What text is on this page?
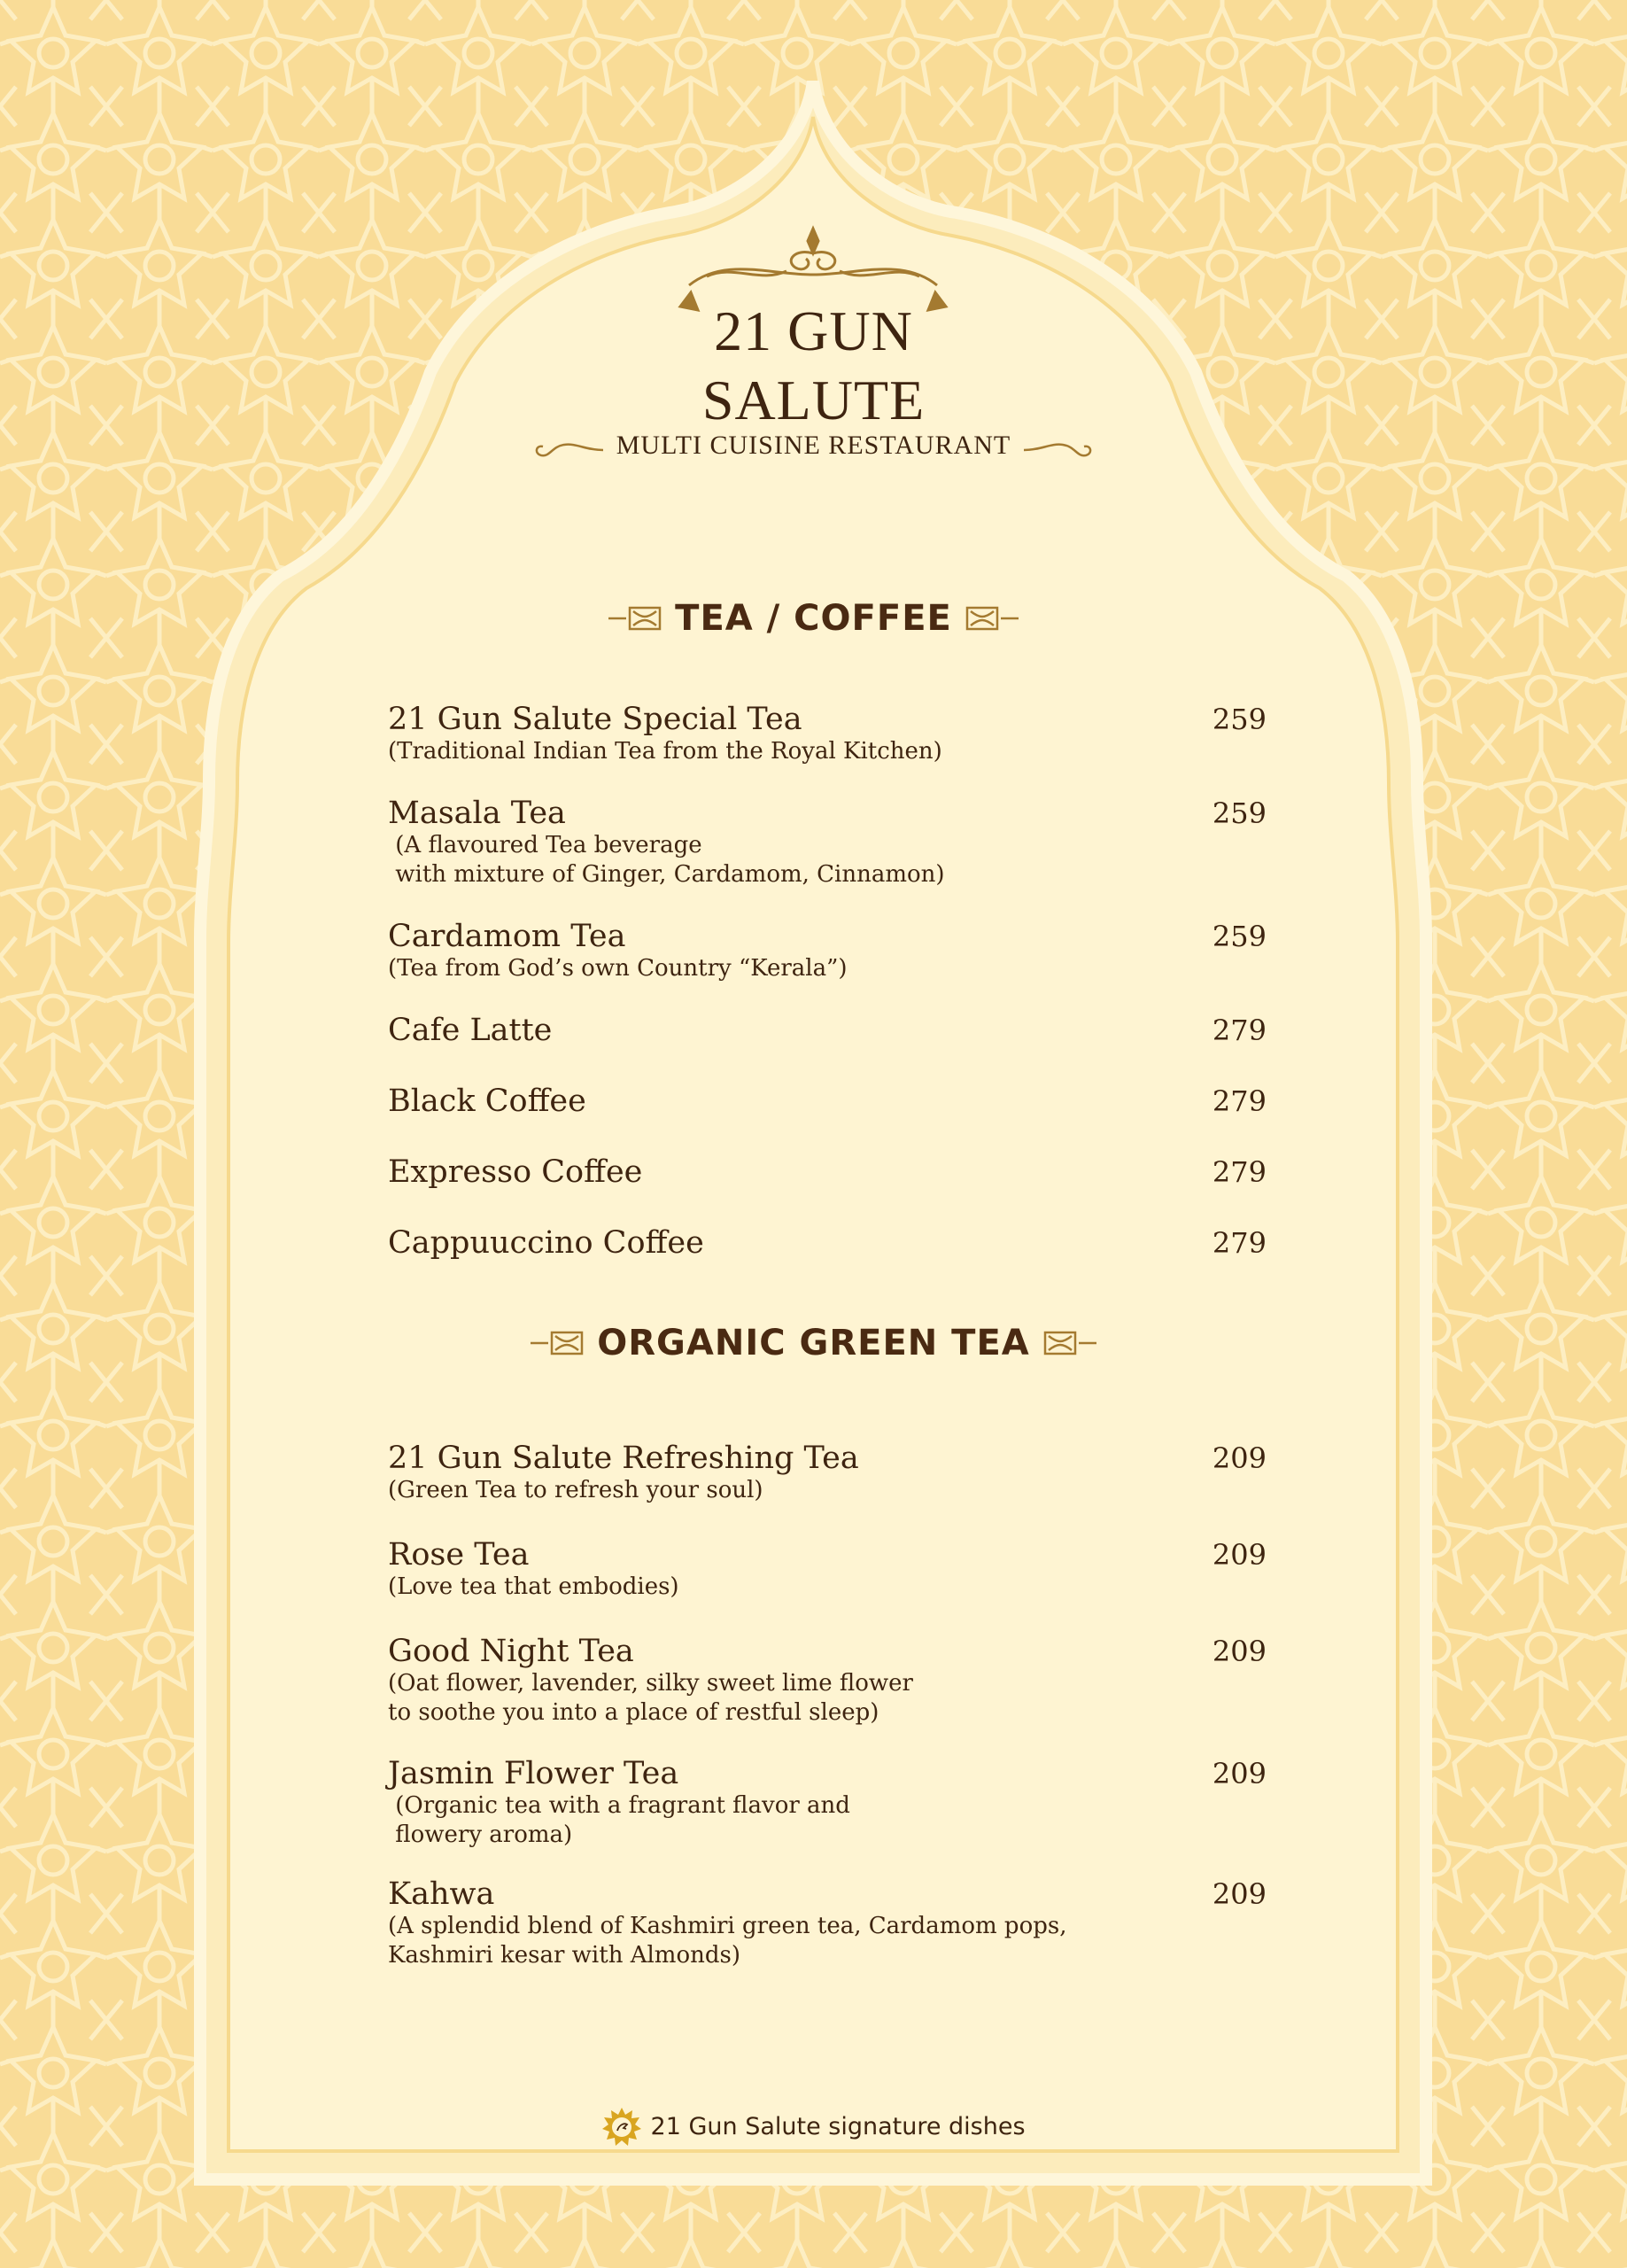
21 GUN
SALUTE
MULTI CUISINE RESTAURANT
TEA / COFFEE
21 Gun Salute Special Tea	259
(Traditional Indian Tea from the Royal Kitchen)
Masala Tea	259
(A flavoured Tea beverage
with mixture of Ginger, Cardamom, Cinnamon)
Cardamom Tea	259
(Tea from God’s own Country “Kerala”)
Cafe Latte	279
Black Coffee	279
Expresso Coffee	279
Cappuuccino Coffee	279
ORGANIC GREEN TEA
21 Gun Salute Refreshing Tea	209
(Green Tea to refresh your soul)
Rose Tea	209
(Love tea that embodies)
Good Night Tea	209
(Oat flower, lavender, silky sweet lime flower
to soothe you into a place of restful sleep)
Jasmin Flower Tea	209
(Organic tea with a fragrant flavor and
flowery aroma)
Kahwa	209
(A splendid blend of Kashmiri green tea, Cardamom pops,
Kashmiri kesar with Almonds)
21 Gun Salute signature dishes
